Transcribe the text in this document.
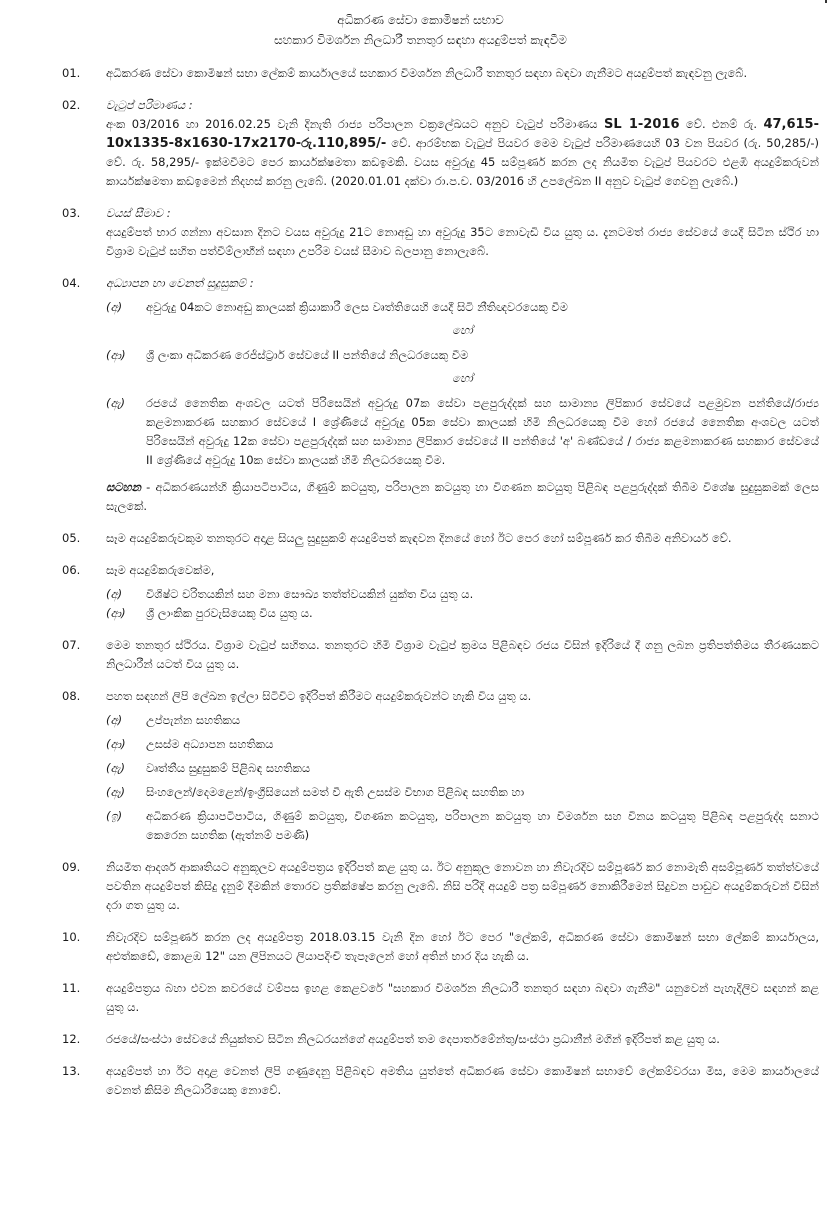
අධිකරණ සේවා කොමිෂන් සභාව
සහකාර විමර්ශන නිලධාරී තනතුර සඳහා අයදුම්පත් කැඳවීම
01.	අධිකරණ සේවා කොමිෂන් සභා ලේකම් කාර්යාලයේ සහකාර විමර්ශන නිලධාරී තනතුර සඳහා බඳවා ගැනීමට අයදුම්පත් කැඳවනු ලැබේ.
02.	වැටුප් පරිමාණය :
අංක 03/2016 හා 2016.02.25 වැනි දිනැති රාජ්‍ය පරිපාලන චක්‍රලේඛයට අනුව වැටුප් පරිමාණය SL 1-2016 වේ. එනම් රු. 47,615-10x1335-8x1630-17x2170-රු.110,895/- වේ. ආරම්භක වැටුප් පියවර මෙම වැටුප් පරිමාණයෙහි 03 වන පියවර (රු. 50,285/-) වේ. රු. 58,295/- ඉක්මවීමට පෙර කාර්යක්ෂමතා කඩඉමකි. වයස අවුරුදු 45 සම්පූර්ණ කරන ලද නියමිත වැටුප් පියවරට එළඹි අයදුම්කරුවන් කාර්යක්ෂමතා කඩඉමෙන් නිදහස් කරනු ලැබේ. (2020.01.01 දක්වා රා.ප.ච. 03/2016 හි උපලේඛන II අනුව වැටුප් ගෙවනු ලැබේ.)
03.	වයස් සීමාව :
අයදුම්පත් භාර ගන්නා අවසාන දිනට වයස අවුරුදු 21ට නොඅඩු හා අවුරුදු 35ට නොවැඩි විය යුතු ය. දැනටමත් රාජ්‍ය සේවයේ යෙදී සිටින ස්ථිර හා විශ්‍රාම වැටුප් සහිත පත්වීම්ලාභීන් සඳහා උපරිම වයස් සීමාව බලපානු නොලැබේ.
04.	අධ්‍යාපන හා වෙනත් සුදුසුකම් :
(අ) අවුරුදු 04කට නොඅඩු කාලයක් ක්‍රියාකාරී ලෙස වෘත්තියෙහි යෙදී සිටි නීතිඥවරයෙකු වීම
හෝ
(ආ) ශ්‍රී ලංකා අධිකරණ රෙජිස්ට්‍රාර් සේවයේ II පන්තියේ නිලධරයෙකු වීම
හෝ
(ඇ) රජයේ නෛතික අංශවල යටත් පිරිසෙයින් අවුරුදු 07ක සේවා පළපුරුද්දක් සහ සාමාන්‍ය ලිපිකාර සේවයේ පළමුවන පන්තියේ/රාජ්‍ය කළමනාකරණ සහකාර සේවයේ I ශ්‍රේණියේ අවුරුදු 05ක සේවා කාලයක් හිමි නිලධරයෙකු වීම හෝ රජයේ නෛතික අංශවල යටත් පිරිසෙයින් අවුරුදු 12ක සේවා පළපුරුද්දක් සහ සාමාන්‍ය ලිපිකාර සේවයේ II පන්තියේ 'අ' බණ්ඩයේ / රාජ්‍ය කළමනාකරණ සහකාර සේවයේ II ශ්‍රේණියේ අවුරුදු 10ක සේවා කාලයක් හිමි නිලධරයෙකු වීම.
සටහන - අධිකරණයන්හි ක්‍රියාපටිපාටිය, ගිණුම් කටයුතු, පරිපාලන කටයුතු හා විගණන කටයුතු පිළිබඳ පළපුරුද්දක් තිබීම විශේෂ සුදුසුකමක් ලෙස සැලකේ.
05.	සෑම අයදුම්කරුවකුම තනතුරට අදාළ සියලු සුදුසුකම් අයදුම්පත් කැඳවන දිනයේ හෝ ඊට පෙර හෝ සම්පූර්ණ කර තිබීම අනිවාර්ය වේ.
06.	සෑම අයදුම්කරුවෙක්ම,
(අ) විශිෂ්ට චරිතයකින් සහ මනා සෞඛ්‍ය තත්ත්වයකින් යුක්ත විය යුතු ය.
(ආ) ශ්‍රී ලාංකික පුරවැසියෙකු විය යුතු ය.
07.	මෙම තනතුර ස්ථිරය. විශ්‍රාම වැටුප් සහිතය. තනතුරට හිමි විශ්‍රාම වැටුප් ක්‍රමය පිළිබඳව රජය විසින් ඉදිරියේ දී ගනු ලබන ප්‍රතිපත්තිමය තීරණයකට නිලධාරීන් යටත් විය යුතු ය.
08.	පහත සඳහන් ලිපි ලේඛන ඉල්ලා සිටිවිට ඉදිරිපත් කිරීමට අයදුම්කරුවන්ට හැකි විය යුතු ය.
(අ) උප්පැන්න සහතිකය
(ආ) උසස්ම අධ්‍යාපන සහතිකය
(ඇ) වෘත්තීය සුදුසුකම් පිළිබඳ සහතිකය
(ඈ) සිංහලෙන්/දෙමළෙන්/ඉංග්‍රීසියෙන් සමත් වී ඇති උසස්ම විභාග පිළිබඳ සහතික හා
(ඉ) අධිකරණ ක්‍රියාපටිපාටිය, ගිණුම් කටයුතු, විගණන කටයුතු, පරිපාලන කටයුතු හා විමර්ශන සහ විනය කටයුතු පිළිබඳ පළපුරුද්ද සනාථ කෙරෙන සහතික (ඇත්නම් පමණි)
09.	නියමිත ආදර්ශ ආකෘතියට අනුකූලව අයදුම්පත්‍රය ඉදිරිපත් කළ යුතු ය. ඊට අනුකූල නොවන හා නිවැරදිව සම්පූර්ණ කර නොමැති අසම්පූර්ණ තත්ත්වයේ පවතින අයදුම්පත් කිසිදු දැනුම් දීමකින් තොරව ප්‍රතික්ෂේප කරනු ලැබේ. නිසි පරිදි අයදුම් පත්‍ර සම්පූර්ණ නොකිරීමෙන් සිදුවන පාඩුව අයදුම්කරුවන් විසින් දරා ගත යුතු ය.
10.	නිවැරදිව සම්පූර්ණ කරන ලද අයදුම්පත්‍ර 2018.03.15 වැනි දින හෝ ඊට පෙර "ලේකම්, අධිකරණ සේවා කොමිෂන් සභා ලේකම් කාර්යාලය, අළුත්කඩේ, කොළඹ 12" යන ලිපිනයට ලියාපදිංචි තැපෑලෙන් හෝ අතින් භාර දිය හැකි ය.
11.	අයදුම්පත්‍රය බහා එවන කවරයේ වම්පස ඉහළ කෙළවරේ "සහකාර විමර්ශන නිලධාරී තනතුර සඳහා බඳවා ගැනීම" යනුවෙන් පැහැදිලිව සඳහන් කළ යුතු ය.
12.	රජයේ/සංස්ථා සේවයේ නියුක්තව සිටින නිලධරයන්ගේ අයදුම්පත් තම දෙපාර්තමේන්තු/සංස්ථා ප්‍රධානීන් මගින් ඉදිරිපත් කළ යුතු ය.
13.	අයදුම්පත් හා ඊට අදාළ වෙනත් ලිපි ගණුදෙනු පිළිබඳව අමතිය යුත්තේ අධිකරණ සේවා කොමිෂන් සභාවේ ලේකම්වරයා මිස, මෙම කාර්යාලයේ වෙනත් කිසිම නිලධාරියෙකු නොවේ.
